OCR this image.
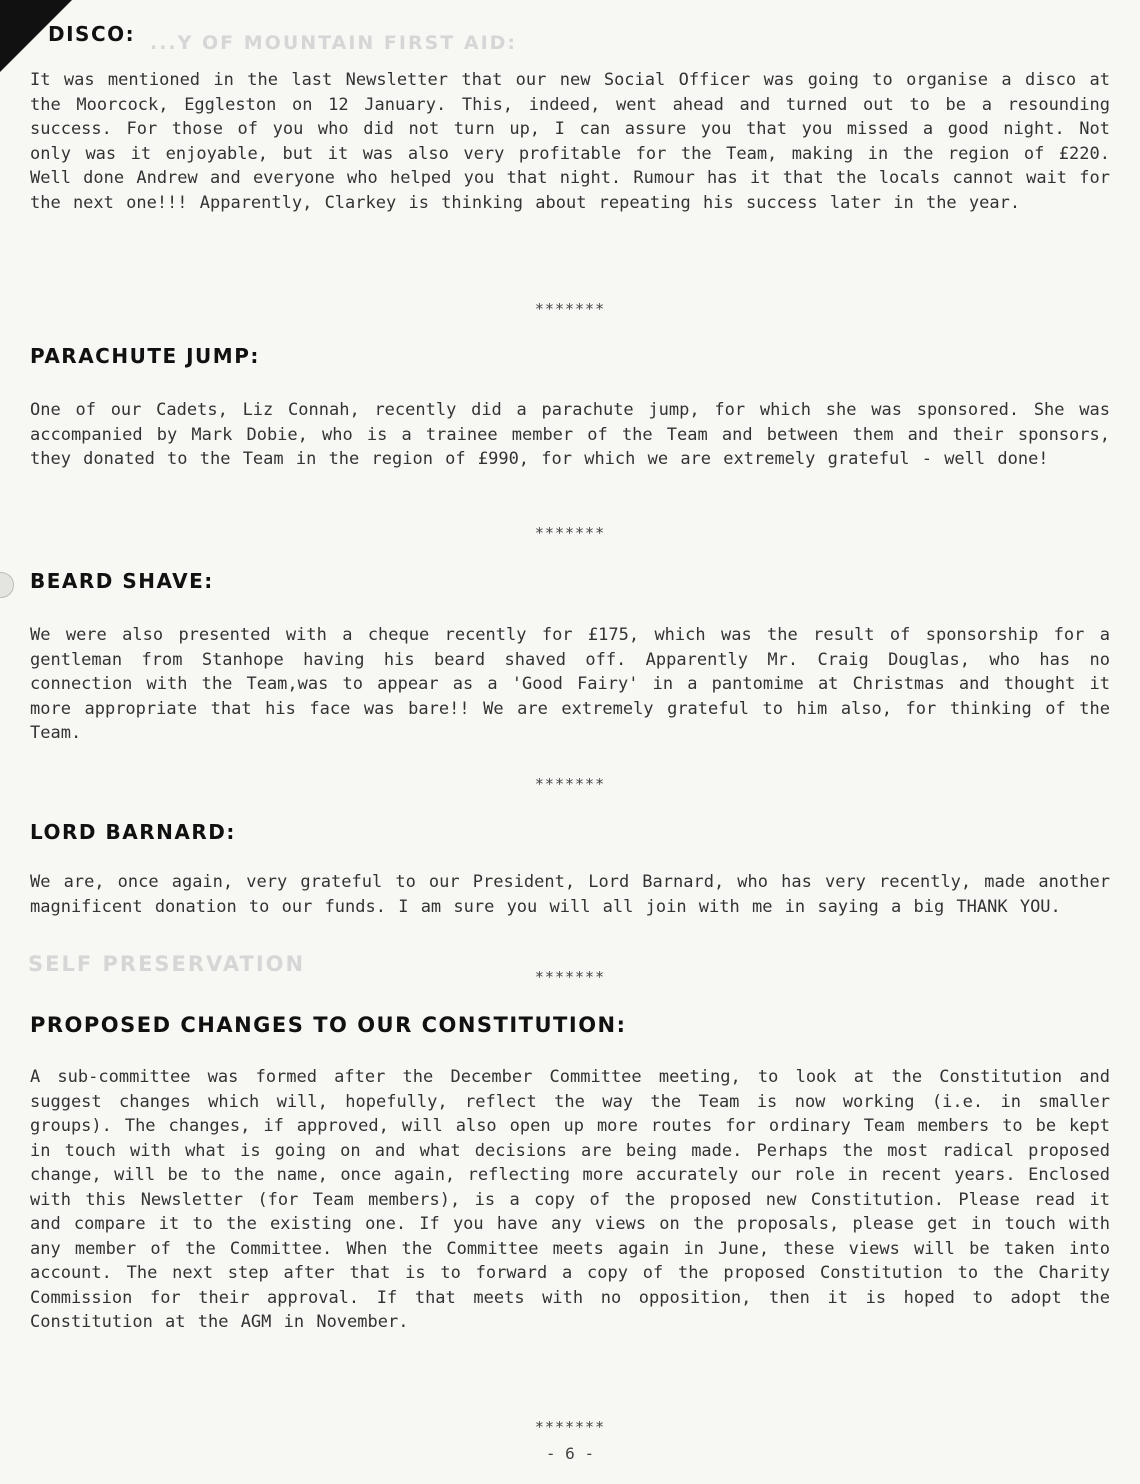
...Y OF MOUNTAIN FIRST AID:
SELF PRESERVATION
DISCO:

It was mentioned in the last Newsletter that our new Social Officer was going to organise a disco at the Moorcock, Eggleston on 12 January. This, indeed, went ahead and turned out to be a resounding success. For those of you who did not turn up, I can assure you that you missed a good night. Not only was it enjoyable, but it was also very profitable for the Team, making in the region of £220. Well done Andrew and everyone who helped you that night. Rumour has it that the locals cannot wait for the next one!!! Apparently, Clarkey is thinking about repeating his success later in the year.

*******
PARACHUTE JUMP:

One of our Cadets, Liz Connah, recently did a parachute jump, for which she was sponsored. She was accompanied by Mark Dobie, who is a trainee member of the Team and between them and their sponsors, they donated to the Team in the region of £990, for which we are extremely grateful - well done!

*******
BEARD SHAVE:

We were also presented with a cheque recently for £175, which was the result of sponsorship for a gentleman from Stanhope having his beard shaved off. Apparently Mr. Craig Douglas, who has no connection with the Team,was to appear as a 'Good Fairy' in a pantomime at Christmas and thought it more appropriate that his face was bare!! We are extremely grateful to him also, for thinking of the Team.

*******
LORD BARNARD:

We are, once again, very grateful to our President, Lord Barnard, who has very recently, made another magnificent donation to our funds. I am sure you will all join with me in saying a big THANK YOU.

*******
PROPOSED CHANGES TO OUR CONSTITUTION:

A sub-committee was formed after the December Committee meeting, to look at the Constitution and suggest changes which will, hopefully, reflect the way the Team is now working (i.e. in smaller groups). The changes, if approved, will also open up more routes for ordinary Team members to be kept in touch with what is going on and what decisions are being made. Perhaps the most radical proposed change, will be to the name, once again, reflecting more accurately our role in recent years. Enclosed with this Newsletter (for Team members), is a copy of the proposed new Constitution. Please read it and compare it to the existing one. If you have any views on the proposals, please get in touch with any member of the Committee. When the Committee meets again in June, these views will be taken into account. The next step after that is to forward a copy of the proposed Constitution to the Charity Commission for their approval. If that meets with no opposition, then it is hoped to adopt the Constitution at the AGM in November.

*******
- 6 -
